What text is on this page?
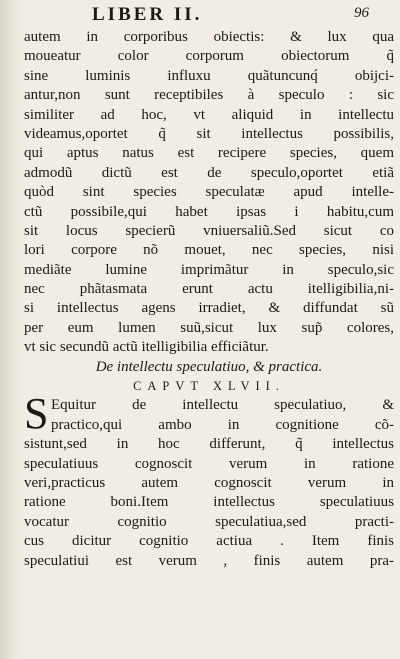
LIBER II.	96
autem in corporibus obiectis: & lux qua
moueatur color corporum obiectorum q̃
sine luminis influxu quãtuncunq́ obijci-
antur,non sunt receptibiles à speculo : sic
similiter ad hoc, vt aliquid in intellectu
videamus,oportet q̃ sit intellectus possibilis,
qui aptus natus est recipere species, quem
admodũ dictũ est de speculo,oportet etiã
quòd sint species speculatæ apud intelle-
ctũ possibile,qui habet ipsas i habitu,cum
sit locus specierũ vniuersaliũ.Sed sicut co
lori corpore nõ mouet, nec species, nisi
mediãte lumine imprimãtur in speculo,sic
nec phãtasmata erunt actu itelligibilia,ni-
si intellectus agens irradiet, & diffundat sũ
per eum lumen suũ,sicut lux sup̃ colores,
vt sic secundũ actũ itelligibilia efficiãtur.
De intellectu speculatiuo, & practica.
CAPVT XLVII.
S Equitur de intellectu speculatiuo, &
practico,qui ambo in cognitione cõ-
sistunt,sed in hoc differunt, q̃ intellectus
speculatiuus cognoscit verum in ratione
veri,practicus autem cognoscit verum in
ratione boni.Item intellectus speculatiuus
vocatur cognitio speculatiua,sed practi-
cus dicitur cognitio actiua . Item finis
speculatiui est verum , finis autem pra-
